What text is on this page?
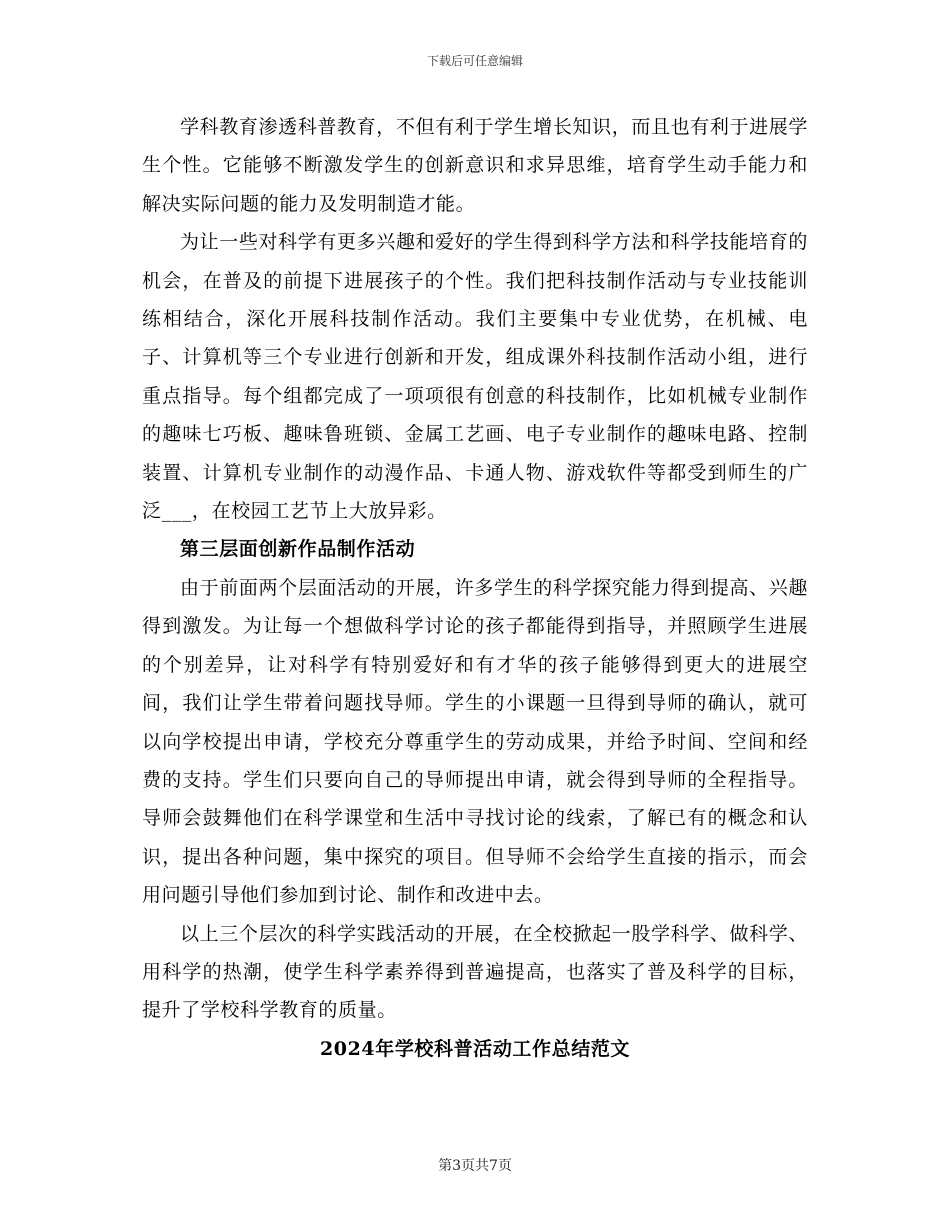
下载后可任意编辑

学科教育渗透科普教育，不但有利于学生增长知识，而且也有利于进展学生个性。它能够不断激发学生的创新意识和求异思维，培育学生动手能力和解决实际问题的能力及发明制造才能。

为让一些对科学有更多兴趣和爱好的学生得到科学方法和科学技能培育的机会，在普及的前提下进展孩子的个性。我们把科技制作活动与专业技能训练相结合，深化开展科技制作活动。我们主要集中专业优势，在机械、电子、计算机等三个专业进行创新和开发，组成课外科技制作活动小组，进行重点指导。每个组都完成了一项项很有创意的科技制作，比如机械专业制作的趣味七巧板、趣味鲁班锁、金属工艺画、电子专业制作的趣味电路、控制装置、计算机专业制作的动漫作品、卡通人物、游戏软件等都受到师生的广泛___，在校园工艺节上大放异彩。

第三层面创新作品制作活动

由于前面两个层面活动的开展，许多学生的科学探究能力得到提高、兴趣得到激发。为让每一个想做科学讨论的孩子都能得到指导，并照顾学生进展的个别差异，让对科学有特别爱好和有才华的孩子能够得到更大的进展空间，我们让学生带着问题找导师。学生的小课题一旦得到导师的确认，就可以向学校提出申请，学校充分尊重学生的劳动成果，并给予时间、空间和经费的支持。学生们只要向自己的导师提出申请，就会得到导师的全程指导。导师会鼓舞他们在科学课堂和生活中寻找讨论的线索，了解已有的概念和认识，提出各种问题，集中探究的项目。但导师不会给学生直接的指示，而会用问题引导他们参加到讨论、制作和改进中去。

以上三个层次的科学实践活动的开展，在全校掀起一股学科学、做科学、用科学的热潮，使学生科学素养得到普遍提高，也落实了普及科学的目标，提升了学校科学教育的质量。

2024年学校科普活动工作总结范文

第3页共7页
